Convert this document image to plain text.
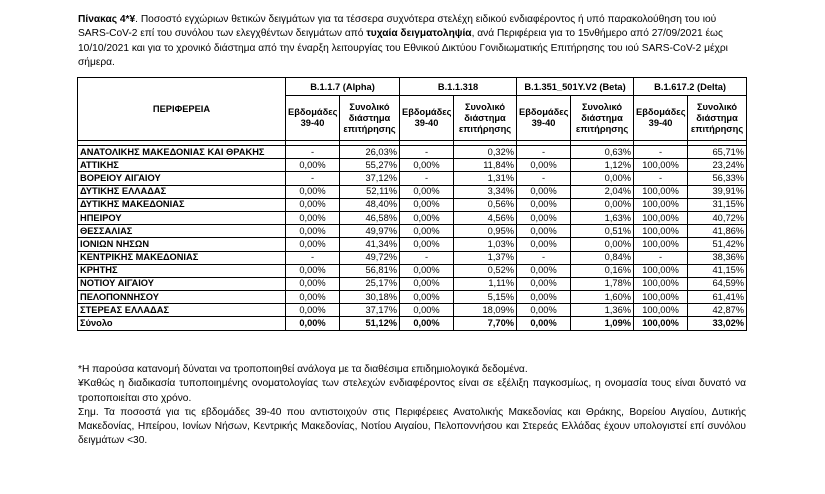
Πίνακας 4*¥. Ποσοστό εγχώριων θετικών δειγμάτων για τα τέσσερα συχνότερα στελέχη ειδικού ενδιαφέροντος ή υπό παρακολούθηση του ιού SARS-CoV-2 επί του συνόλου των ελεγχθέντων δειγμάτων από τυχαία δειγματοληψία, ανά Περιφέρεια για το 15νθήμερο από 27/09/2021 έως 10/10/2021 και για το χρονικό διάστημα από την έναρξη λειτουργίας του Εθνικού Δικτύου Γονιδιωματικής Επιτήρησης του ιού SARS-CoV-2 μέχρι σήμερα.
ΠΕΡΙΦΕΡΕΙΑ	B.1.1.7 (Alpha)		B.1.1.318		B.1.351_501Y.V2 (Beta)		B.1.617.2 (Delta)	
	Εβδομάδες 39-40	Συνολικό διάστημα επιτήρησης	Εβδομάδες 39-40	Συνολικό διάστημα επιτήρησης	Εβδομάδες 39-40	Συνολικό διάστημα επιτήρησης	Εβδομάδες 39-40	Συνολικό διάστημα επιτήρησης

ΑΝΑΤΟΛΙΚΗΣ ΜΑΚΕΔΟΝΙΑΣ ΚΑΙ ΘΡΑΚΗΣ	-	26,03%	-	0,32%	-	0,63%	-	65,71%
ΑΤΤΙΚΗΣ	0,00%	55,27%	0,00%	11,84%	0,00%	1,12%	100,00%	23,24%
ΒΟΡΕΙΟΥ ΑΙΓΑΙΟΥ	-	37,12%	-	1,31%	-	0,00%	-	56,33%
ΔΥΤΙΚΗΣ ΕΛΛΑΔΑΣ	0,00%	52,11%	0,00%	3,34%	0,00%	2,04%	100,00%	39,91%
ΔΥΤΙΚΗΣ ΜΑΚΕΔΟΝΙΑΣ	0,00%	48,40%	0,00%	0,56%	0,00%	0,00%	100,00%	31,15%
ΗΠΕΙΡΟΥ	0,00%	46,58%	0,00%	4,56%	0,00%	1,63%	100,00%	40,72%
ΘΕΣΣΑΛΙΑΣ	0,00%	49,97%	0,00%	0,95%	0,00%	0,51%	100,00%	41,86%
ΙΟΝΙΩΝ ΝΗΣΩΝ	0,00%	41,34%	0,00%	1,03%	0,00%	0,00%	100,00%	51,42%
ΚΕΝΤΡΙΚΗΣ ΜΑΚΕΔΟΝΙΑΣ	-	49,72%	-	1,37%	-	0,84%	-	38,36%
ΚΡΗΤΗΣ	0,00%	56,81%	0,00%	0,52%	0,00%	0,16%	100,00%	41,15%
ΝΟΤΙΟΥ ΑΙΓΑΙΟΥ	0,00%	25,17%	0,00%	1,11%	0,00%	1,78%	100,00%	64,59%
ΠΕΛΟΠΟΝΝΗΣΟΥ	0,00%	30,18%	0,00%	5,15%	0,00%	1,60%	100,00%	61,41%
ΣΤΕΡΕΑΣ ΕΛΛΑΔΑΣ	0,00%	37,17%	0,00%	18,09%	0,00%	1,36%	100,00%	42,87%
Σύνολο	0,00%	51,12%	0,00%	7,70%	0,00%	1,09%	100,00%	33,02%

*Η παρούσα κατανομή δύναται να τροποποιηθεί ανάλογα με τα διαθέσιμα επιδημιολογικά δεδομένα.

¥Καθώς η διαδικασία τυποποιημένης ονοματολογίας των στελεχών ενδιαφέροντος είναι σε εξέλιξη παγκοσμίως, η ονομασία τους είναι δυνατό να τροποποιείται στο χρόνο.

Σημ. Τα ποσοστά για τις εβδομάδες 39-40 που αντιστοιχούν στις Περιφέρειες Ανατολικής Μακεδονίας και Θράκης, Βορείου Αιγαίου, Δυτικής Μακεδονίας, Ηπείρου, Ιονίων Νήσων, Κεντρικής Μακεδονίας, Νοτίου Αιγαίου, Πελοποννήσου και Στερεάς Ελλάδας έχουν υπολογιστεί επί συνόλου δειγμάτων <30.
